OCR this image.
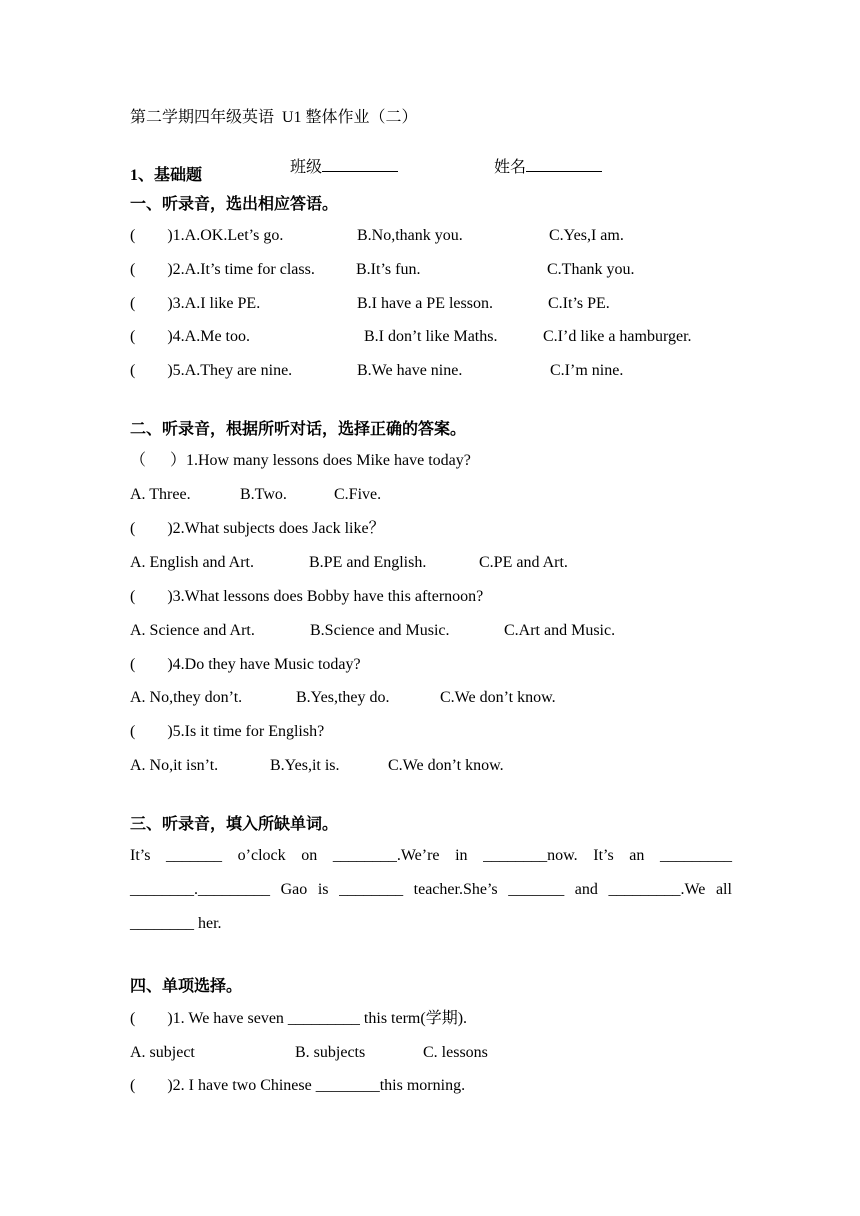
第二学期四年级英语  U1 整体作业（二）

班级	姓名

1、基础题
一、听录音，选出相应答语。
(        )1.A.OK.Let’s go.	B.No,thank you.	C.Yes,I am.
(        )2.A.It’s time for class.	B.It’s fun.	C.Thank you.
(        )3.A.I like PE.	B.I have a PE lesson.	C.It’s PE.
(        )4.A.Me too.	B.I don’t like Maths.	C.I’d like a hamburger.
(        )5.A.They are nine.	B.We have nine.	C.I’m nine.
二、听录音，根据所听对话，选择正确的答案。
（      ）1.How many lessons does Mike have today?
A. Three.	B.Two.	C.Five.
(        )2.What subjects does Jack like？
A. English and Art.	B.PE and English.	C.PE and Art.
(        )3.What lessons does Bobby have this afternoon?
A. Science and Art.	B.Science and Music.	C.Art and Music.
(        )4.Do they have Music today?
A. No,they don’t.	B.Yes,they do.	C.We don’t know.
(        )5.Is it time for English?
A. No,it isn’t.	B.Yes,it is.	C.We don’t know.
三、听录音，填入所缺单词。
It’s _______ o’clock on ________.We’re in ________now. It’s an _________
________._________ Gao is ________ teacher.She’s _______ and _________.We all
________ her.
四、单项选择。
(        )1. We have seven _________ this term(学期).
A. subject	B. subjects	C. lessons
(        )2. I have two Chinese ________this morning.
